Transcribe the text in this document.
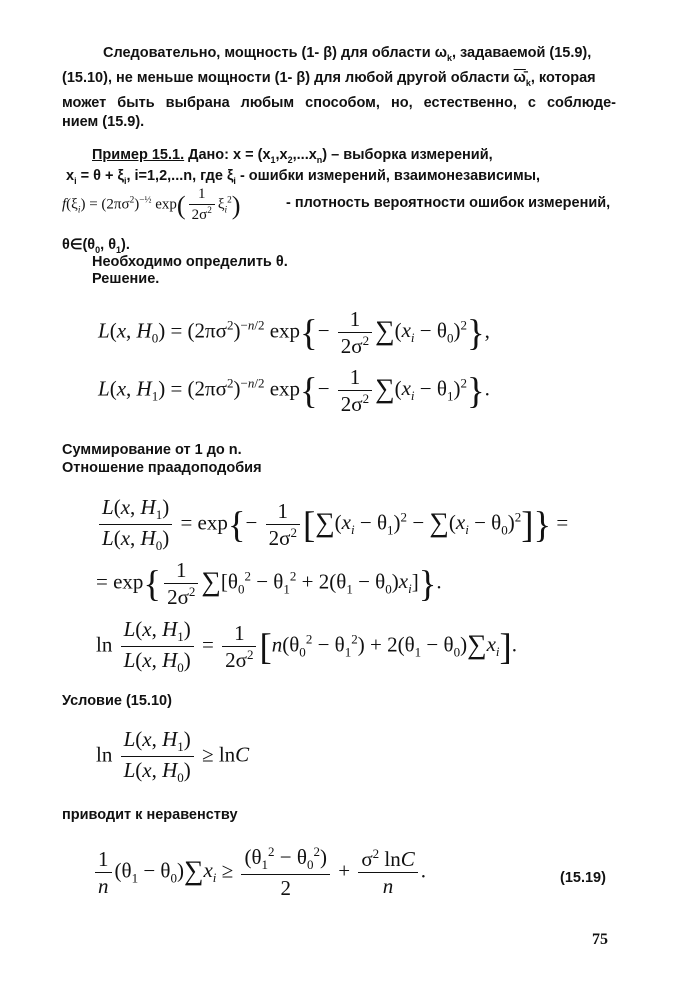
Следовательно, мощность (1- β) для области $\omega_k$, задаваемой (15.9),
(15.10), не меньше мощности (1- β) для любой другой области $\omegā_k$, которая
может быть выбрана любым способом, но, естественно, с соблюде-
нием (15.9).
Пример 15.1. Дано: $x = (x_1,x_2,...x_n)$ – выборка измерений,
$x_i = \theta + \xi_i$, i=1,2,...n, где $\xi_i$ - ошибки измерений, взаимонезависимы,
$f(\xi_i) = (2\pi\sigma^2)^{-\frac{1}{2}}$ $\exp( \frac{1}{2\sigma^2} \xi_i^2)$	- плотность вероятности ошибок измерений,
$\theta\in(\theta_0$, $\theta_1$).
Необходимо определить θ.
Решение.
L(x, $H_0) = (2\pi\sigma^2)^{-n/2}$ $\exp\{- \frac{1}{2\sigma^2} \sum(x_i - \theta_0)^2\}$,
L(x, $H_1) = (2\pi\sigma^2)^{-n/2}$ $\exp\{- \frac{1}{2\sigma^2} \sum(x_i - \theta_1)^2\}$.
Суммирование от 1 до n.
Отношение праадоподобия
$\frac{L(x, H_1)}{L(x, H_0)} = \exp\{- \frac{1}{2\sigma^2} [\sum(x_i - \theta_1)^2 - \sum(x_i - \theta_0)^2]\}$ =
= $\exp\{ \frac{1}{2\sigma^2} \sum[\theta_0^2 - \theta_1^2 + 2(\theta_1 - \theta_0)x_i]\}$.
$\ln \frac{L(x, H_1)}{L(x, H_0)} = \frac{1}{2\sigma^2} [n(\theta_0^2 - \theta_1^2) + 2(\theta_1 - \theta_0)\sum x_i]$.
Условие (15.10)
$\ln \frac{L(x, H_1)}{L(x, H_0)} \ge \ln C$
приводит к неравенству
$\frac{1}{n} (\theta_1 - \theta_0)\sum x_i \ge \frac{(\theta_1^2 - \theta_0^2)}{2} + \frac{\sigma^2 \ln C}{n}$ .	(15.19)
75
